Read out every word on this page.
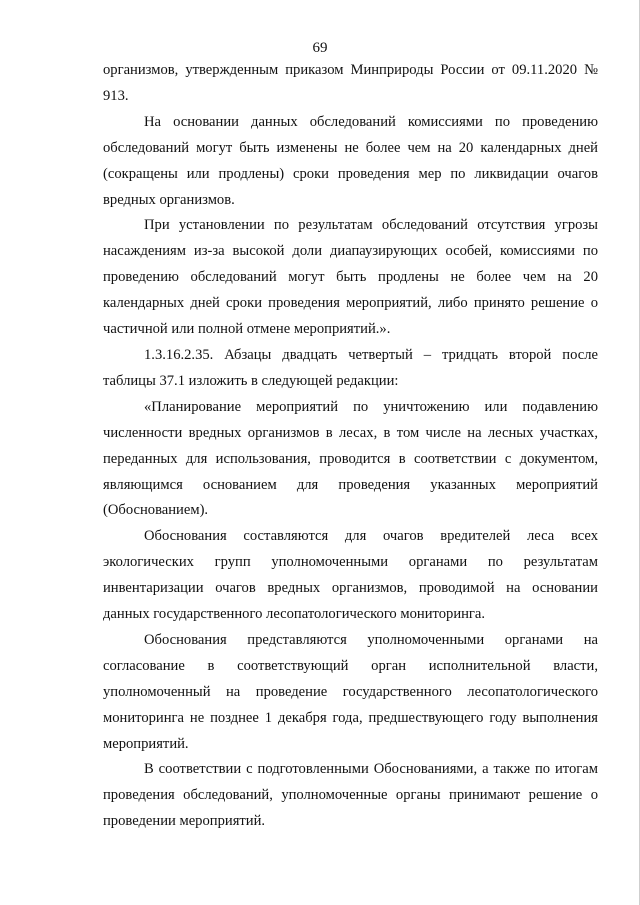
69

организмов, утвержденным приказом Минприроды России от 09.11.2020 № 913.

На основании данных обследований комиссиями по проведению обследований могут быть изменены не более чем на 20 календарных дней (сокращены или продлены) сроки проведения мер по ликвидации очагов вредных организмов.

При установлении по результатам обследований отсутствия угрозы насаждениям из-за высокой доли диапаузирующих особей, комиссиями по проведению обследований могут быть продлены не более чем на 20 календарных дней сроки проведения мероприятий, либо принято решение о частичной или полной отмене мероприятий.».

1.3.16.2.35. Абзацы двадцать четвертый – тридцать второй после таблицы 37.1 изложить в следующей редакции:

«Планирование мероприятий по уничтожению или подавлению численности вредных организмов в лесах, в том числе на лесных участках, переданных для использования, проводится в соответствии с документом, являющимся основанием для проведения указанных мероприятий (Обоснованием).

Обоснования составляются для очагов вредителей леса всех экологических групп уполномоченными органами по результатам инвентаризации очагов вредных организмов, проводимой на основании данных государственного лесопатологического мониторинга.

Обоснования представляются уполномоченными органами на согласование в соответствующий орган исполнительной власти, уполномоченный на проведение государственного лесопатологического мониторинга не позднее 1 декабря года, предшествующего году выполнения мероприятий.

В соответствии с подготовленными Обоснованиями, а также по итогам проведения обследований, уполномоченные органы принимают решение о проведении мероприятий.
